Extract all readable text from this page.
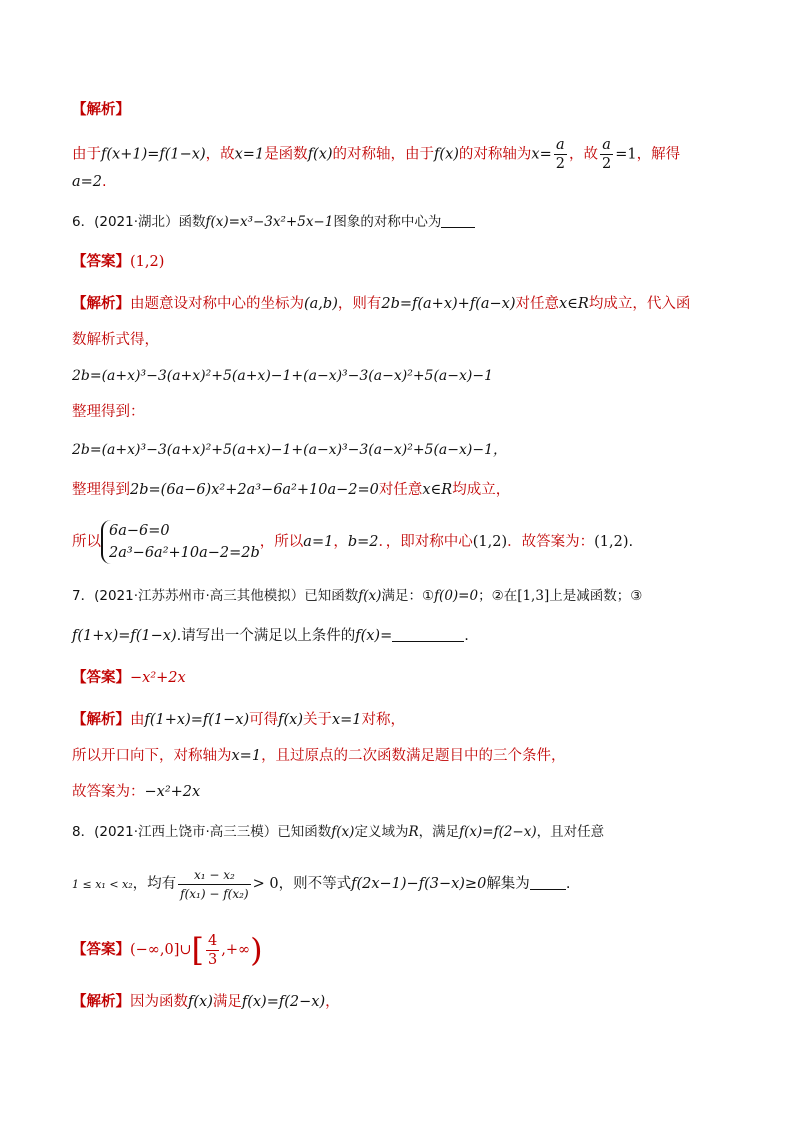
【解析】
由于f(x+1)=f(1−x)，故x=1是函数f(x)的对称轴，由于f(x)的对称轴为$x= \frac{a}{2}$ ，故 $\frac{a}{2} =1$，解得
a=2.
6．(2021·湖北）函数f(x)=x³−3x²+5x−1图象的对称中心为
【答案】(1,2)
【解析】由题意设对称中心的坐标为(a,b)，则有2b=f(a+x)+f(a−x)对任意x∈R均成立，代入函
数解析式得，
2b=(a+x)³−3(a+x)²+5(a+x)−1+(a−x)³−3(a−x)²+5(a−x)−1
整理得到：
2b=(a+x)³−3(a+x)²+5(a+x)−1+(a−x)³−3(a−x)²+5(a−x)−1，
整理得到2b=(6a−6)x²+2a³−6a²+10a−2=0对任意x∈R均成立，
所以
6a−6=0
2a³−6a²+10a−2=2b
，所以a=1，b=2．，即对称中心(1,2)．故答案为：(1,2).
7．(2021·江苏苏州市·高三其他模拟）已知函数f(x)满足：①f(0)=0；②在[1,3]上是减函数；③
f(1+x)=f(1−x).请写出一个满足以上条件的f(x)=	.
【答案】−x²+2x
【解析】由f(1+x)=f(1−x)可得f(x)关于x=1对称，
所以开口向下，对称轴为x=1，且过原点的二次函数满足题目中的三个条件，
故答案为：−x²+2x
8．(2021·江西上饶市·高三三模）已知函数f(x)定义域为R，满足f(x)=f(2−x)，且对任意
1 ≤ x₁ < x₂，均有 $\frac{\text{x₁ − x₂}}{\text{f(x₁) − f(x₂)}} > 0$，则不等式f(2x−1)−f(3−x)≥0解集为 .
【答案】(−∞,0]∪[ $\frac{4}{3}$ ,+∞)
【解析】因为函数f(x)满足f(x)=f(2−x)，
